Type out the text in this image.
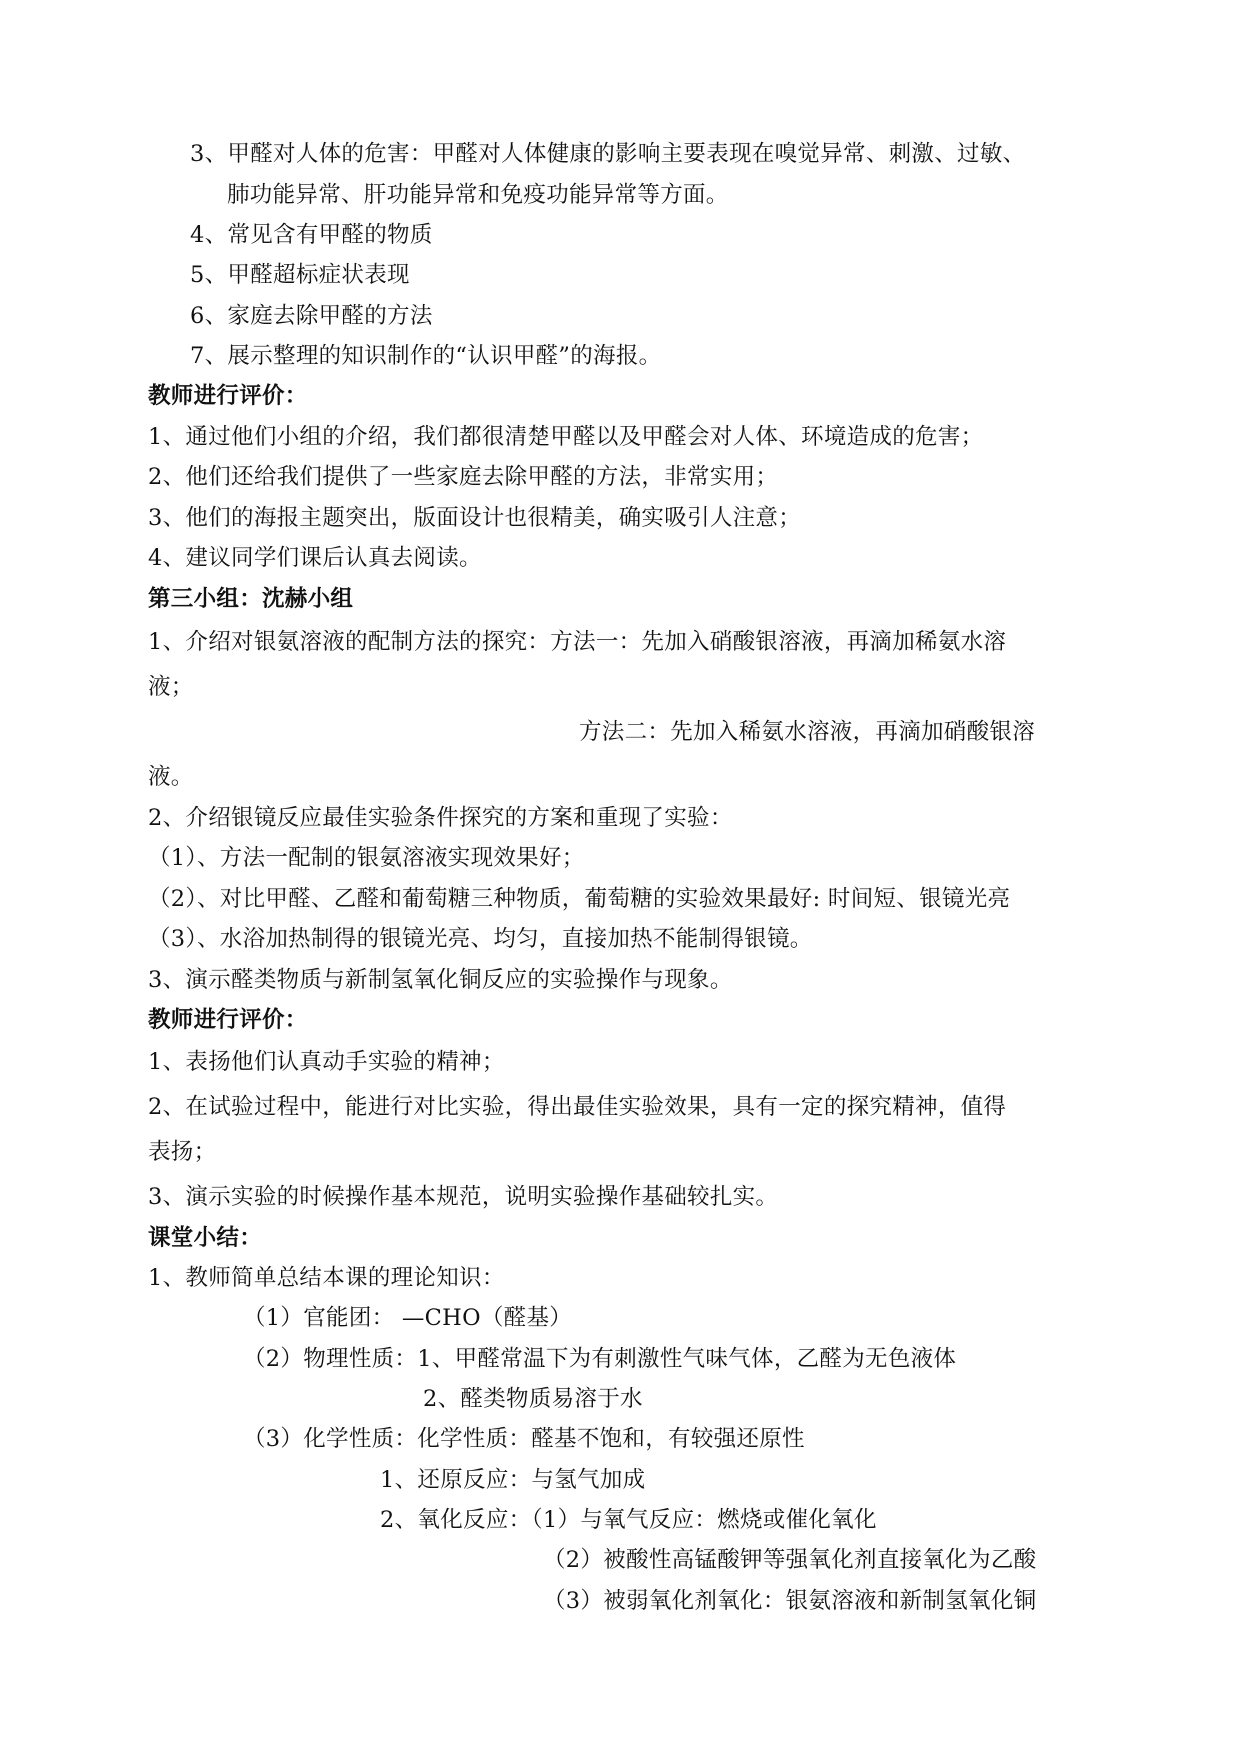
3、甲醛对人体的危害：甲醛对人体健康的影响主要表现在嗅觉异常、刺激、过敏、
肺功能异常、肝功能异常和免疫功能异常等方面。
4、常见含有甲醛的物质
5、甲醛超标症状表现
6、家庭去除甲醛的方法
7、展示整理的知识制作的“认识甲醛”的海报。
教师进行评价：
1、通过他们小组的介绍，我们都很清楚甲醛以及甲醛会对人体、环境造成的危害；
2、他们还给我们提供了一些家庭去除甲醛的方法，非常实用；
3、他们的海报主题突出，版面设计也很精美，确实吸引人注意；
4、建议同学们课后认真去阅读。
第三小组：沈赫小组
1、介绍对银氨溶液的配制方法的探究：方法一：先加入硝酸银溶液，再滴加稀氨水溶
液；
方法二：先加入稀氨水溶液，再滴加硝酸银溶
液。
2、介绍银镜反应最佳实验条件探究的方案和重现了实验：
（1）、方法一配制的银氨溶液实现效果好；
（2）、对比甲醛、乙醛和葡萄糖三种物质，葡萄糖的实验效果最好: 时间短、银镜光亮
（3）、水浴加热制得的银镜光亮、均匀，直接加热不能制得银镜。
3、演示醛类物质与新制氢氧化铜反应的实验操作与现象。
教师进行评价：
1、表扬他们认真动手实验的精神；
2、在试验过程中，能进行对比实验，得出最佳实验效果，具有一定的探究精神，值得
表扬；
3、演示实验的时候操作基本规范，说明实验操作基础较扎实。
课堂小结：
1、教师简单总结本课的理论知识：
（1）官能团： —CHO（醛基）
（2）物理性质：1、甲醛常温下为有刺激性气味气体，乙醛为无色液体
2、醛类物质易溶于水
（3）化学性质：化学性质：醛基不饱和，有较强还原性
1、还原反应：与氢气加成
2、氧化反应：（1）与氧气反应：燃烧或催化氧化
（2）被酸性高锰酸钾等强氧化剂直接氧化为乙酸
（3）被弱氧化剂氧化：银氨溶液和新制氢氧化铜
